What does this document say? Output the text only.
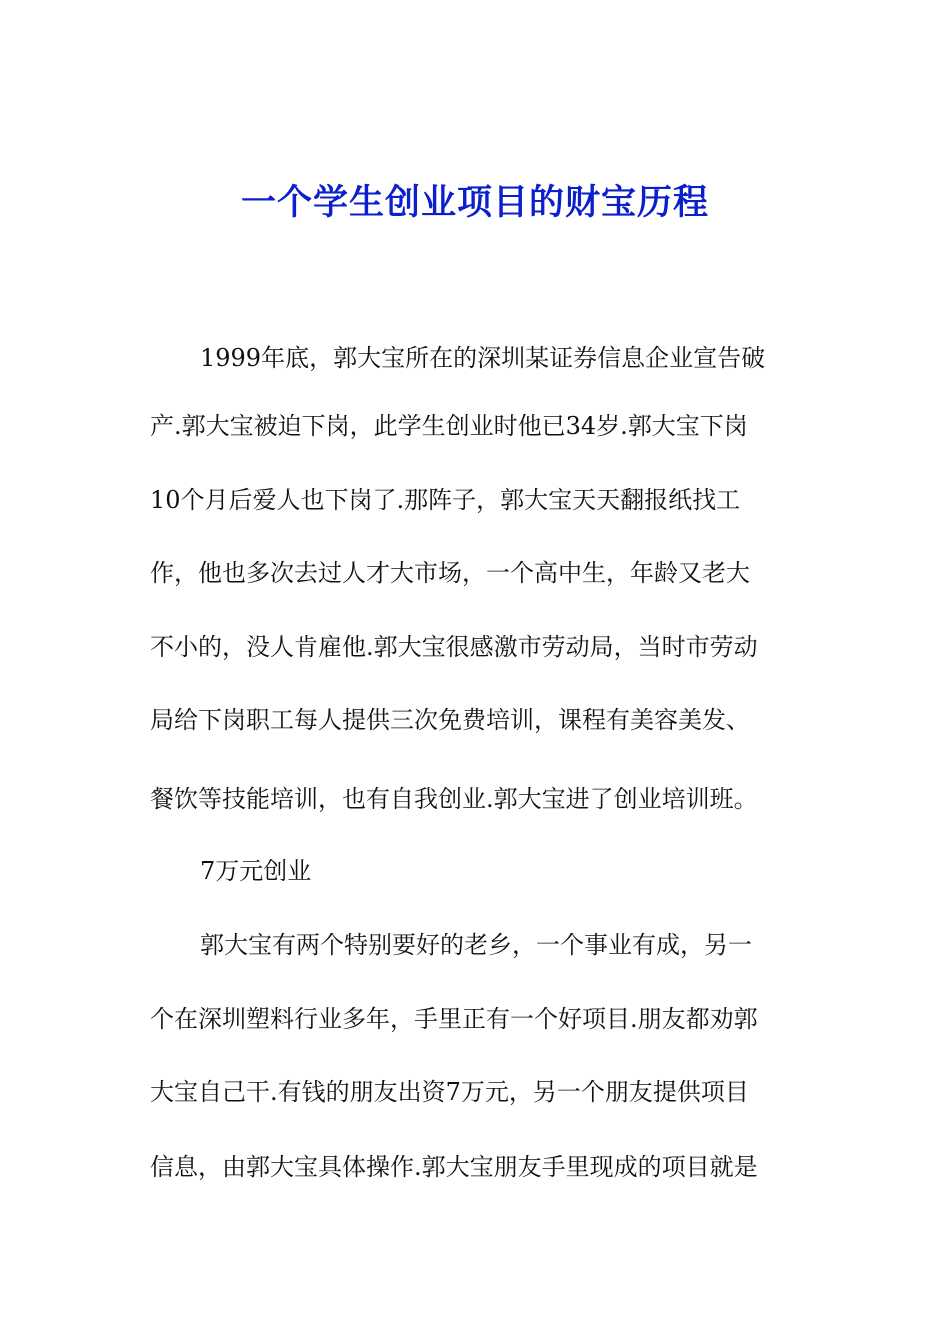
一个学生创业项目的财宝历程
1999年底，郭大宝所在的深圳某证券信息企业宣告破
产.郭大宝被迫下岗，此学生创业时他已34岁.郭大宝下岗
10个月后爱人也下岗了.那阵子，郭大宝天天翻报纸找工
作，他也多次去过人才大市场，一个高中生，年龄又老大
不小的，没人肯雇他.郭大宝很感激市劳动局，当时市劳动
局给下岗职工每人提供三次免费培训，课程有美容美发、
餐饮等技能培训，也有自我创业.郭大宝进了创业培训班。
7万元创业
郭大宝有两个特别要好的老乡，一个事业有成，另一
个在深圳塑料行业多年，手里正有一个好项目.朋友都劝郭
大宝自己干.有钱的朋友出资7万元，另一个朋友提供项目
信息，由郭大宝具体操作.郭大宝朋友手里现成的项目就是
